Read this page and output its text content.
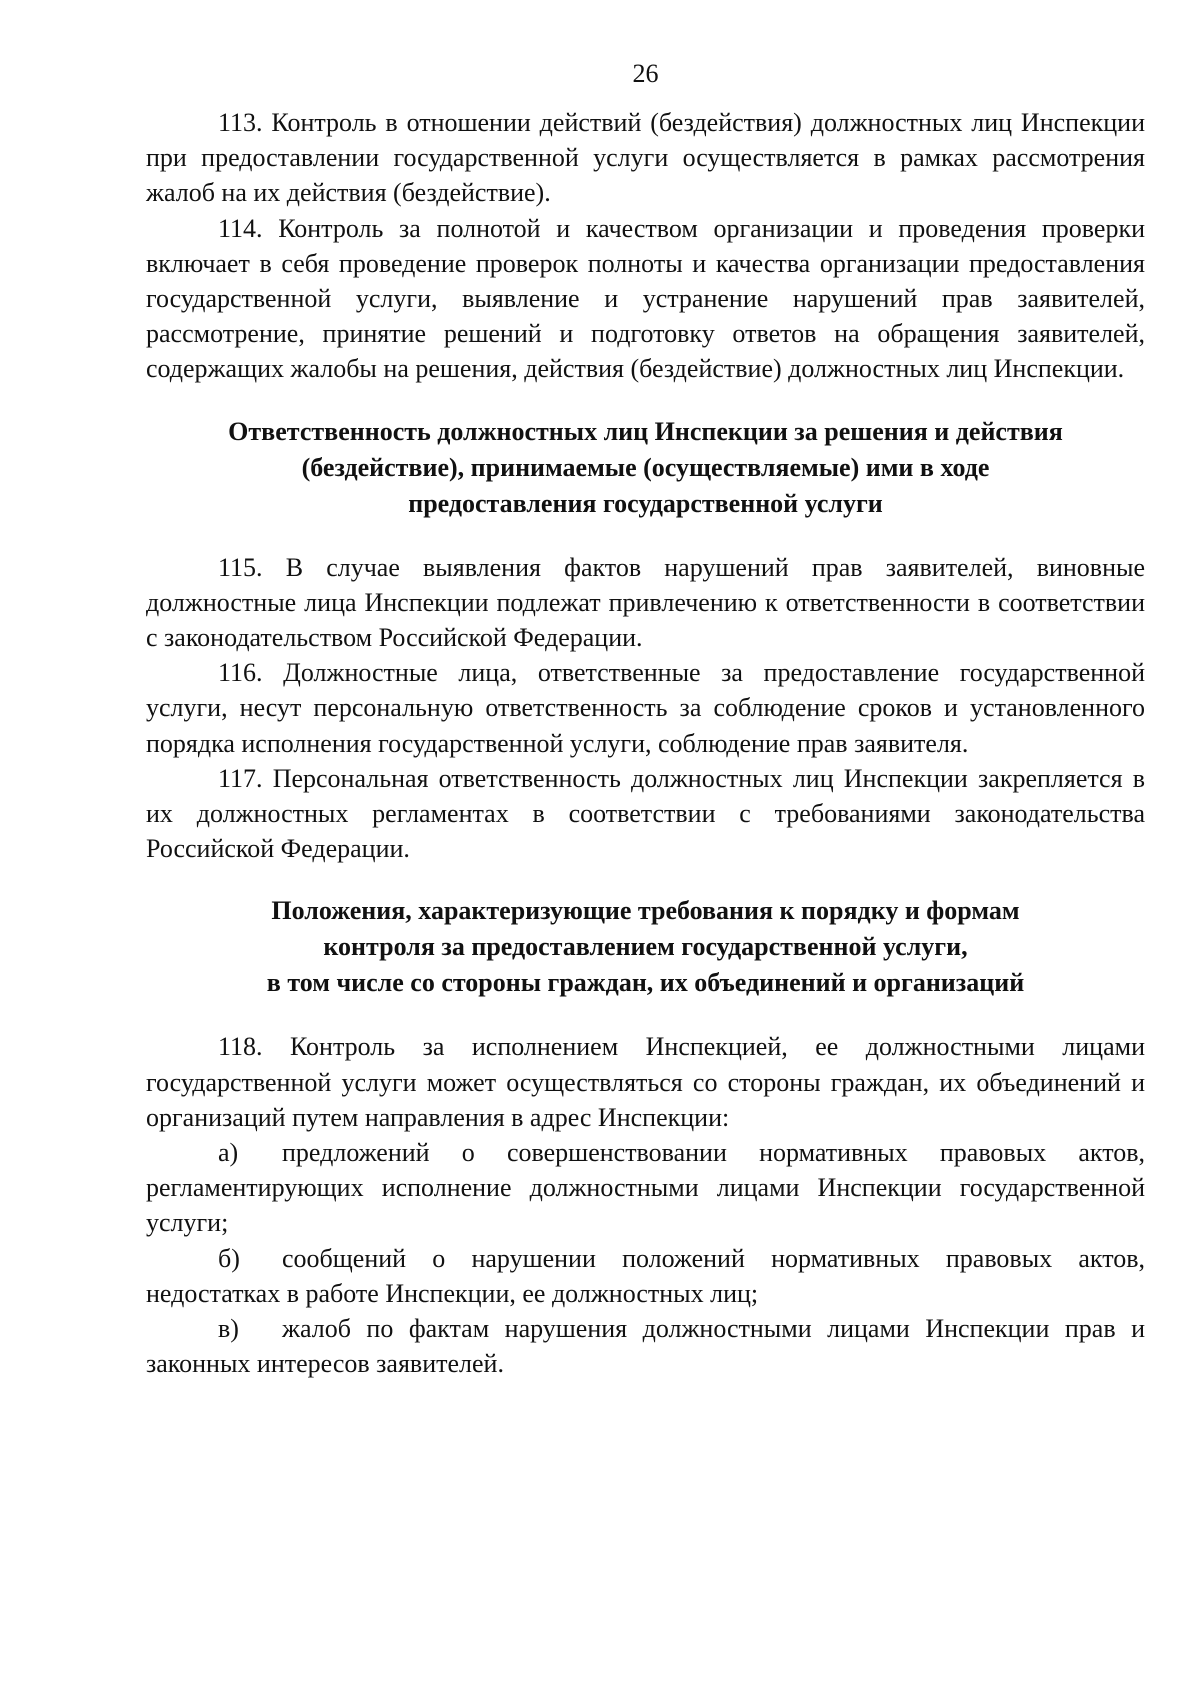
26

113. Контроль в отношении действий (бездействия) должностных лиц Инспекции при предоставлении государственной услуги осуществляется в рамках рассмотрения жалоб на их действия (бездействие).

114. Контроль за полнотой и качеством организации и проведения проверки включает в себя проведение проверок полноты и качества организации предоставления государственной услуги, выявление и устранение нарушений прав заявителей, рассмотрение, принятие решений и подготовку ответов на обращения заявителей, содержащих жалобы на решения, действия (бездействие) должностных лиц Инспекции.

Ответственность должностных лиц Инспекции за решения и действия
(бездействие), принимаемые (осуществляемые) ими в ходе
предоставления государственной услуги

115. В случае выявления фактов нарушений прав заявителей, виновные должностные лица Инспекции подлежат привлечению к ответственности в соответствии с законодательством Российской Федерации.

116. Должностные лица, ответственные за предоставление государственной услуги, несут персональную ответственность за соблюдение сроков и установленного порядка исполнения государственной услуги, соблюдение прав заявителя.

117. Персональная ответственность должностных лиц Инспекции закрепляется в их должностных регламентах в соответствии с требованиями законодательства Российской Федерации.

Положения, характеризующие требования к порядку и формам
контроля за предоставлением государственной услуги,
в том числе со стороны граждан, их объединений и организаций

118. Контроль за исполнением Инспекцией, ее должностными лицами государственной услуги может осуществляться со стороны граждан, их объединений и организаций путем направления в адрес Инспекции:

а) предложений о совершенствовании нормативных правовых актов, регламентирующих исполнение должностными лицами Инспекции государственной услуги;

б) сообщений о нарушении положений нормативных правовых актов, недостатках в работе Инспекции, ее должностных лиц;

в) жалоб по фактам нарушения должностными лицами Инспекции прав и законных интересов заявителей.
